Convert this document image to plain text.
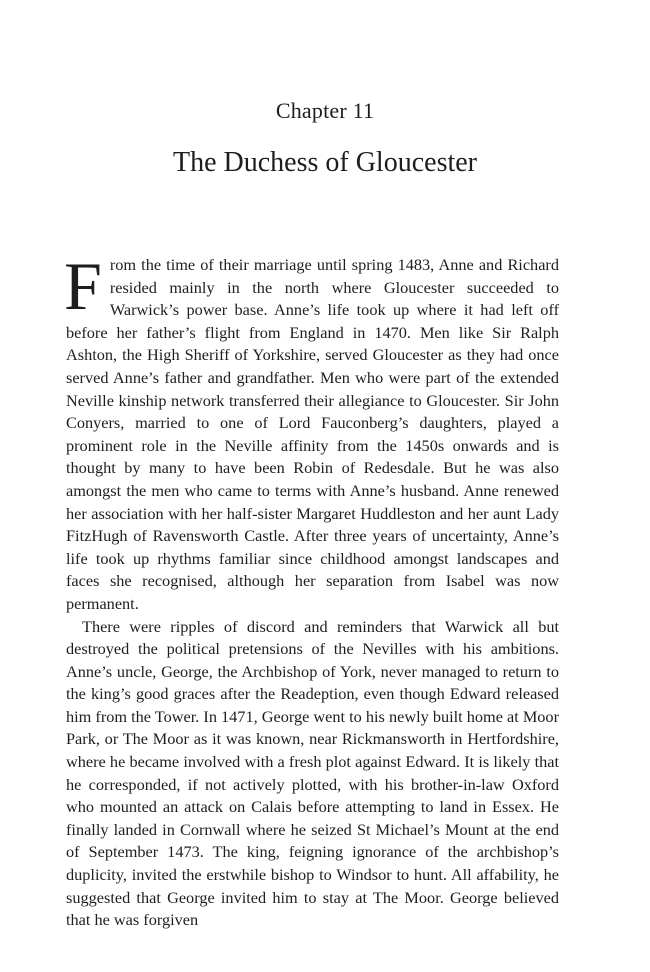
Chapter 11
The Duchess of Gloucester

From the time of their marriage until spring 1483, Anne and Richard resided mainly in the north where Gloucester succeeded to Warwick’s power base. Anne’s life took up where it had left off before her father’s flight from England in 1470. Men like Sir Ralph Ashton, the High Sheriff of Yorkshire, served Gloucester as they had once served Anne’s father and grandfather. Men who were part of the extended Neville kinship network transferred their allegiance to Gloucester. Sir John Conyers, married to one of Lord Fauconberg’s daughters, played a prominent role in the Neville affinity from the 1450s onwards and is thought by many to have been Robin of Redesdale. But he was also amongst the men who came to terms with Anne’s husband. Anne renewed her association with her half-sister Margaret Huddleston and her aunt Lady FitzHugh of Ravensworth Castle. After three years of uncertainty, Anne’s life took up rhythms familiar since childhood amongst landscapes and faces she recognised, although her separation from Isabel was now permanent.

There were ripples of discord and reminders that Warwick all but destroyed the political pretensions of the Nevilles with his ambitions. Anne’s uncle, George, the Archbishop of York, never managed to return to the king’s good graces after the Readeption, even though Edward released him from the Tower. In 1471, George went to his newly built home at Moor Park, or The Moor as it was known, near Rickmansworth in Hertfordshire, where he became involved with a fresh plot against Edward. It is likely that he corresponded, if not actively plotted, with his brother-in-law Oxford who mounted an attack on Calais before attempting to land in Essex. He finally landed in Cornwall where he seized St Michael’s Mount at the end of September 1473. The king, feigning ignorance of the archbishop’s duplicity, invited the erstwhile bishop to Windsor to hunt. All affability, he suggested that George invited him to stay at The Moor. George believed that he was forgiven
